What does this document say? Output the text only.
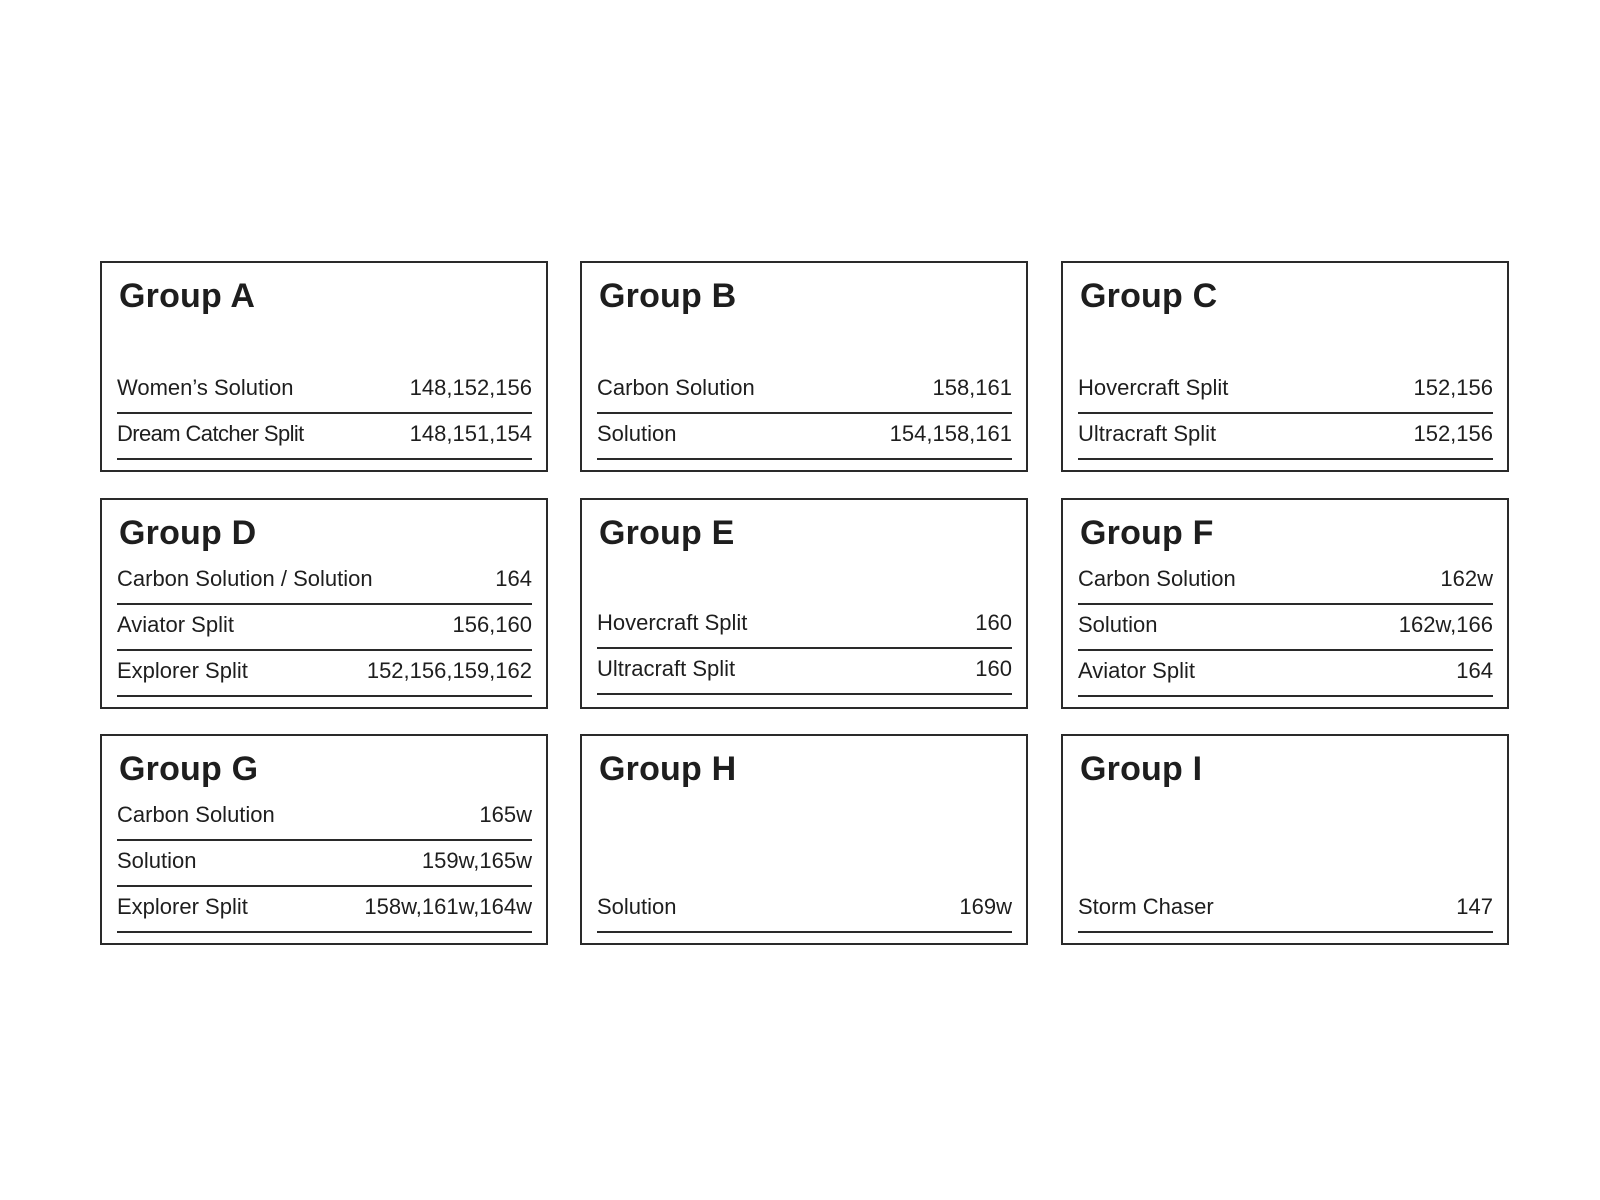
Group A
Women’s Solution	148,152,156
Dream Catcher Split	148,151,154
Group B
Carbon Solution	158,161
Solution	154,158,161
Group C
Hovercraft Split	152,156
Ultracraft Split	152,156
Group D
Carbon Solution / Solution	164
Aviator Split	156,160
Explorer Split	152,156,159,162
Group E
Hovercraft Split	160
Ultracraft Split	160
Group F
Carbon Solution	162w
Solution	162w,166
Aviator Split	164
Group G
Carbon Solution	165w
Solution	159w,165w
Explorer Split	158w,161w,164w
Group H
Solution	169w
Group I
Storm Chaser	147
